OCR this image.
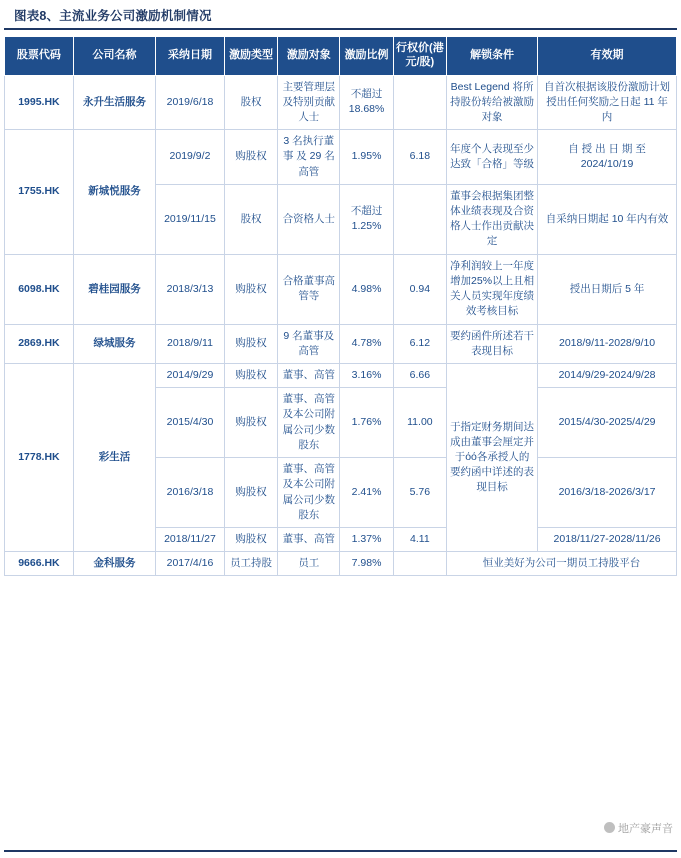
图表8、主流业务公司激励机制情况
股票代码	公司名称	采纳日期	激励类型	激励对象	激励比例	行权价(港元/股)	解锁条件	有效期
1995.HK	永升生活服务	2019/6/18	股权	主要管理层及特别贡献人士	不超过18.68%		Best Legend 将所持股份转给被激励对象	自首次根据该股份激励计划授出任何奖励之日起 11 年内
1755.HK	新城悦服务	2019/9/2	购股权	3 名执行董事 及 29 名高管	1.95%	6.18	年度个人表现至少达致「合格」等级	自 授 出 日 期 至 2024/10/19
		2019/11/15	股权	合资格人士	不超过1.25%		董事会根据集团整体业绩表现及合资格人士作出贡献决定	自采纳日期起 10 年内有效
6098.HK	碧桂园服务	2018/3/13	购股权	合格董事高管等	4.98%	0.94	净利润较上一年度增加25%以上且相关人员实现年度绩效考核目标	授出日期后 5 年
2869.HK	绿城服务	2018/9/11	购股权	9 名董事及高管	4.78%	6.12	要约函件所述若干表现目标	2018/9/11-2028/9/10
1778.HK	彩生活	2014/9/29	购股权	董事、高管	3.16%	6.66	于指定财务期间达成由董事会厘定并于όό各承授人的要约函中详述的表现目标	2014/9/29-2024/9/28
		2015/4/30	购股权	董事、高管及本公司附属公司少数股东	1.76%	11.00		2015/4/30-2025/4/29
		2016/3/18	购股权	董事、高管及本公司附属公司少数股东	2.41%	5.76		2016/3/18-2026/3/17
		2018/11/27	购股权	董事、高管	1.37%	4.11		2018/11/27-2028/11/26
9666.HK	金科服务	2017/4/16	员工持股	员工	7.98%		恒业美好为公司一期员工持股平台	
地产豪声音
